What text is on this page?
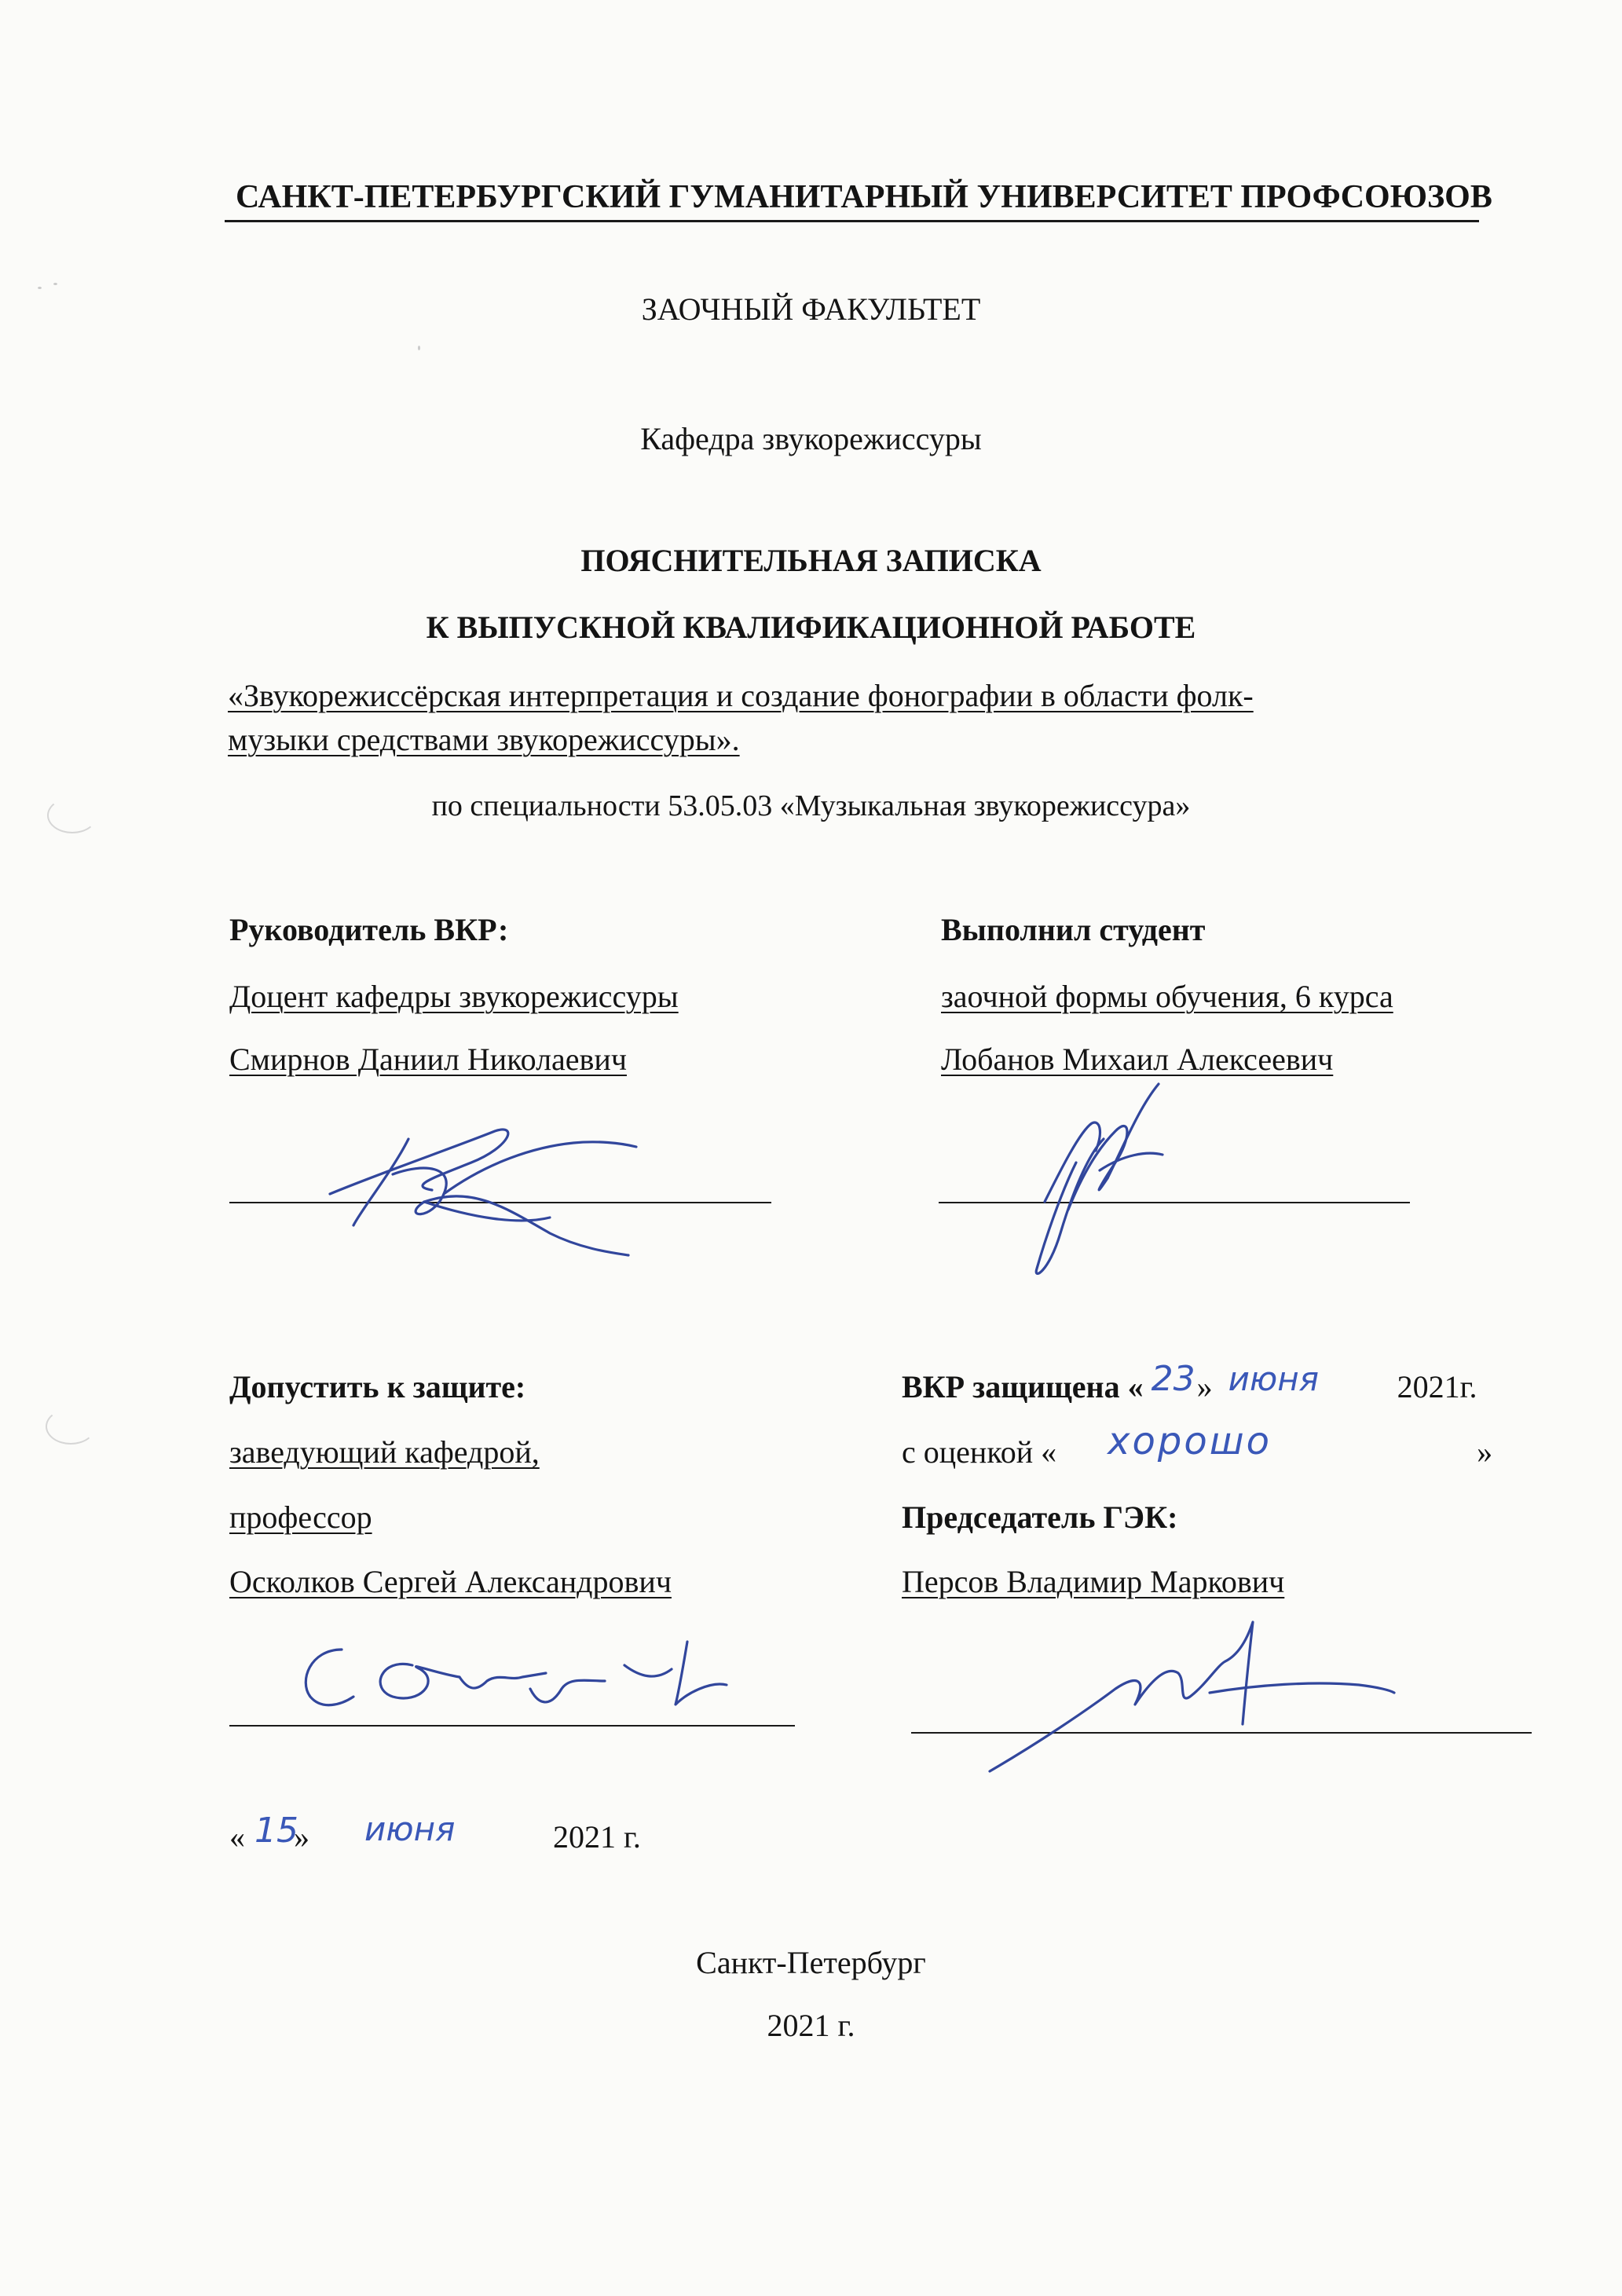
САНКТ-ПЕТЕРБУРГСКИЙ ГУМАНИТАРНЫЙ УНИВЕРСИТЕТ ПРОФСОЮЗОВ
ЗАОЧНЫЙ ФАКУЛЬТЕТ
Кафедра звукорежиссуры
ПОЯСНИТЕЛЬНАЯ ЗАПИСКА
К ВЫПУСКНОЙ КВАЛИФИКАЦИОННОЙ РАБОТЕ
«Звукорежиссёрская интерпретация и создание фонографии в области фолк-
музыки средствами звукорежиссуры».
по специальности 53.05.03 «Музыкальная звукорежиссура»
Руководитель ВКР:
Доцент кафедры звукорежиссуры
Смирнов Даниил Николаевич
Выполнил студент
заочной формы обучения, 6 курса
Лобанов Михаил Алексеевич
Допустить к защите:
заведующий кафедрой,
профессор
Осколков Сергей Александрович
« 15
» июня	2021 г.
ВКР защищена « 23 » июня 2021г.
с оценкой « хорошо	»
Председатель ГЭК:
Персов Владимир Маркович
Санкт-Петербург
2021 г.
